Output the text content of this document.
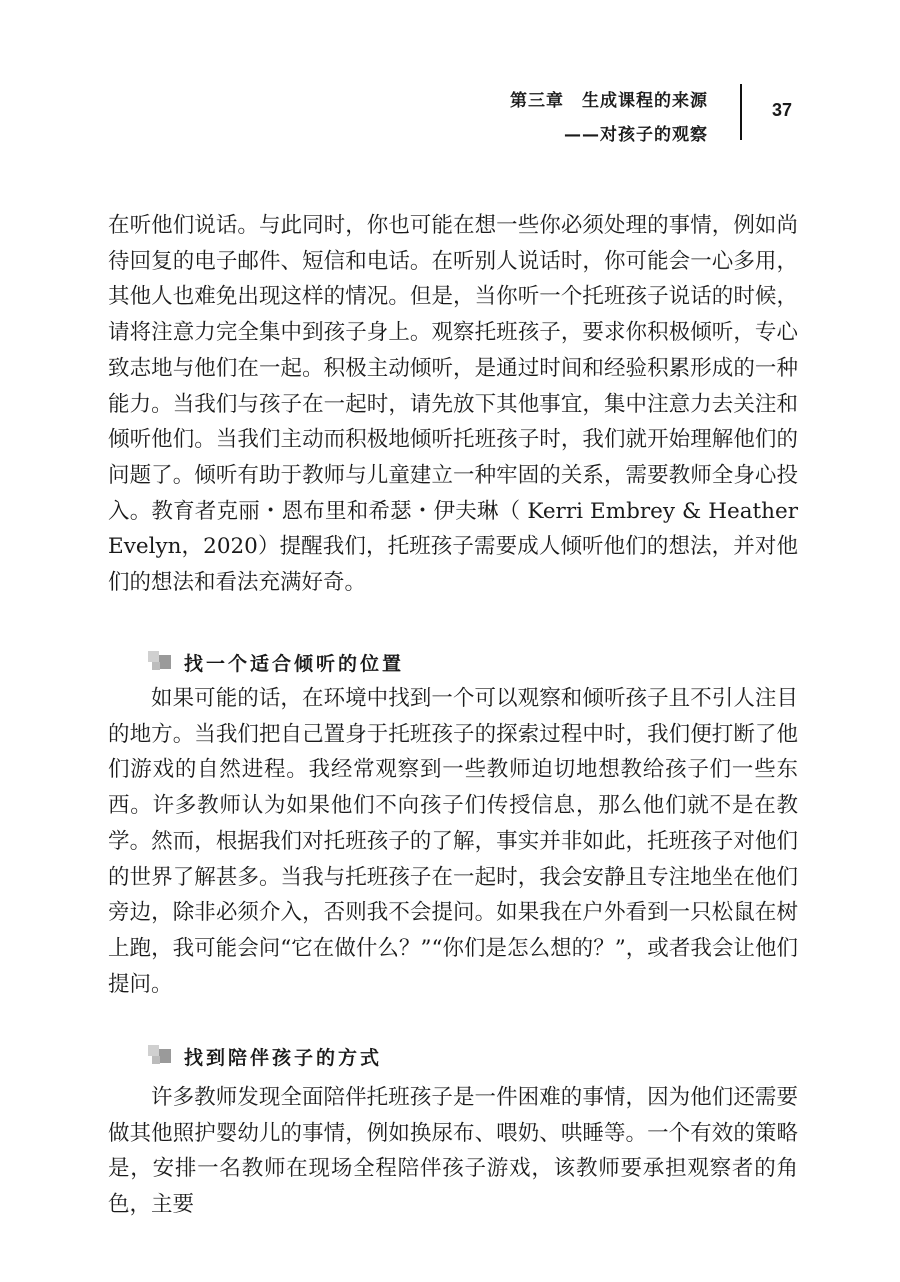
第三章　生成课程的来源
——对孩子的观察
37
在听他们说话。与此同时，你也可能在想一些你必须处理的事情，例如尚待回复的电子邮件、短信和电话。在听别人说话时，你可能会一心多用，其他人也难免出现这样的情况。但是，当你听一个托班孩子说话的时候，请将注意力完全集中到孩子身上。观察托班孩子，要求你积极倾听，专心致志地与他们在一起。积极主动倾听，是通过时间和经验积累形成的一种能力。当我们与孩子在一起时，请先放下其他事宜，集中注意力去关注和倾听他们。当我们主动而积极地倾听托班孩子时，我们就开始理解他们的问题了。倾听有助于教师与儿童建立一种牢固的关系，需要教师全身心投入。教育者克丽・恩布里和希瑟・伊夫琳（ Kerri Embrey & Heather Evelyn，2020）提醒我们，托班孩子需要成人倾听他们的想法，并对他们的想法和看法充满好奇。
找一个适合倾听的位置
如果可能的话，在环境中找到一个可以观察和倾听孩子且不引人注目的地方。当我们把自己置身于托班孩子的探索过程中时，我们便打断了他们游戏的自然进程。我经常观察到一些教师迫切地想教给孩子们一些东西。许多教师认为如果他们不向孩子们传授信息，那么他们就不是在教学。然而，根据我们对托班孩子的了解，事实并非如此，托班孩子对他们的世界了解甚多。当我与托班孩子在一起时，我会安静且专注地坐在他们旁边，除非必须介入，否则我不会提问。如果我在户外看到一只松鼠在树上跑，我可能会问“它在做什么？”“你们是怎么想的？”，或者我会让他们提问。
找到陪伴孩子的方式
许多教师发现全面陪伴托班孩子是一件困难的事情，因为他们还需要做其他照护婴幼儿的事情，例如换尿布、喂奶、哄睡等。一个有效的策略是，安排一名教师在现场全程陪伴孩子游戏，该教师要承担观察者的角色，主要
